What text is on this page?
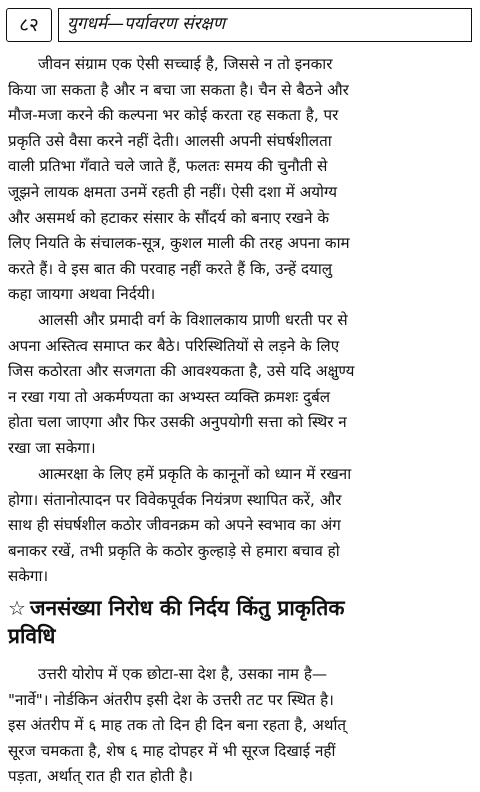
८२	युगधर्म—पर्यावरण संरक्षण
जीवन संग्राम एक ऐसी सच्चाई है, जिससे न तो इनकार
किया जा सकता है और न बचा जा सकता है। चैन से बैठने और
मौज-मजा करने की कल्पना भर कोई करता रह सकता है, पर
प्रकृति उसे वैसा करने नहीं देती। आलसी अपनी संघर्षशीलता
वाली प्रतिभा गँवाते चले जाते हैं, फलतः समय की चुनौती से
जूझने लायक क्षमता उनमें रहती ही नहीं। ऐसी दशा में अयोग्य
और असमर्थ को हटाकर संसार के सौंदर्य को बनाए रखने के
लिए नियति के संचालक-सूत्र, कुशल माली की तरह अपना काम
करते हैं। वे इस बात की परवाह नहीं करते हैं कि, उन्हें दयालु
कहा जायगा अथवा निर्दयी।
आलसी और प्रमादी वर्ग के विशालकाय प्राणी धरती पर से
अपना अस्तित्व समाप्त कर बैठे। परिस्थितियों से लड़ने के लिए
जिस कठोरता और सजगता की आवश्यकता है, उसे यदि अक्षुण्य
न रखा गया तो अकर्मण्यता का अभ्यस्त व्यक्ति क्रमशः दुर्बल
होता चला जाएगा और फिर उसकी अनुपयोगी सत्ता को स्थिर न
रखा जा सकेगा।
आत्मरक्षा के लिए हमें प्रकृति के कानूनों को ध्यान में रखना
होगा। संतानोत्पादन पर विवेकपूर्वक नियंत्रण स्थापित करें, और
साथ ही संघर्षशील कठोर जीवनक्रम को अपने स्वभाव का अंग
बनाकर रखें, तभी प्रकृति के कठोर कुल्हाड़े से हमारा बचाव हो
सकेगा।
☆ जनसंख्या निरोध की निर्दय किंतु प्राकृतिक
प्रविधि
उत्तरी योरोप में एक छोटा-सा देश है, उसका नाम है—
"नार्वे"। नोर्डकिन अंतरीप इसी देश के उत्तरी तट पर स्थित है।
इस अंतरीप में ६ माह तक तो दिन ही दिन बना रहता है, अर्थात्
सूरज चमकता है, शेष ६ माह दोपहर में भी सूरज दिखाई नहीं
पड़ता, अर्थात् रात ही रात होती है।
